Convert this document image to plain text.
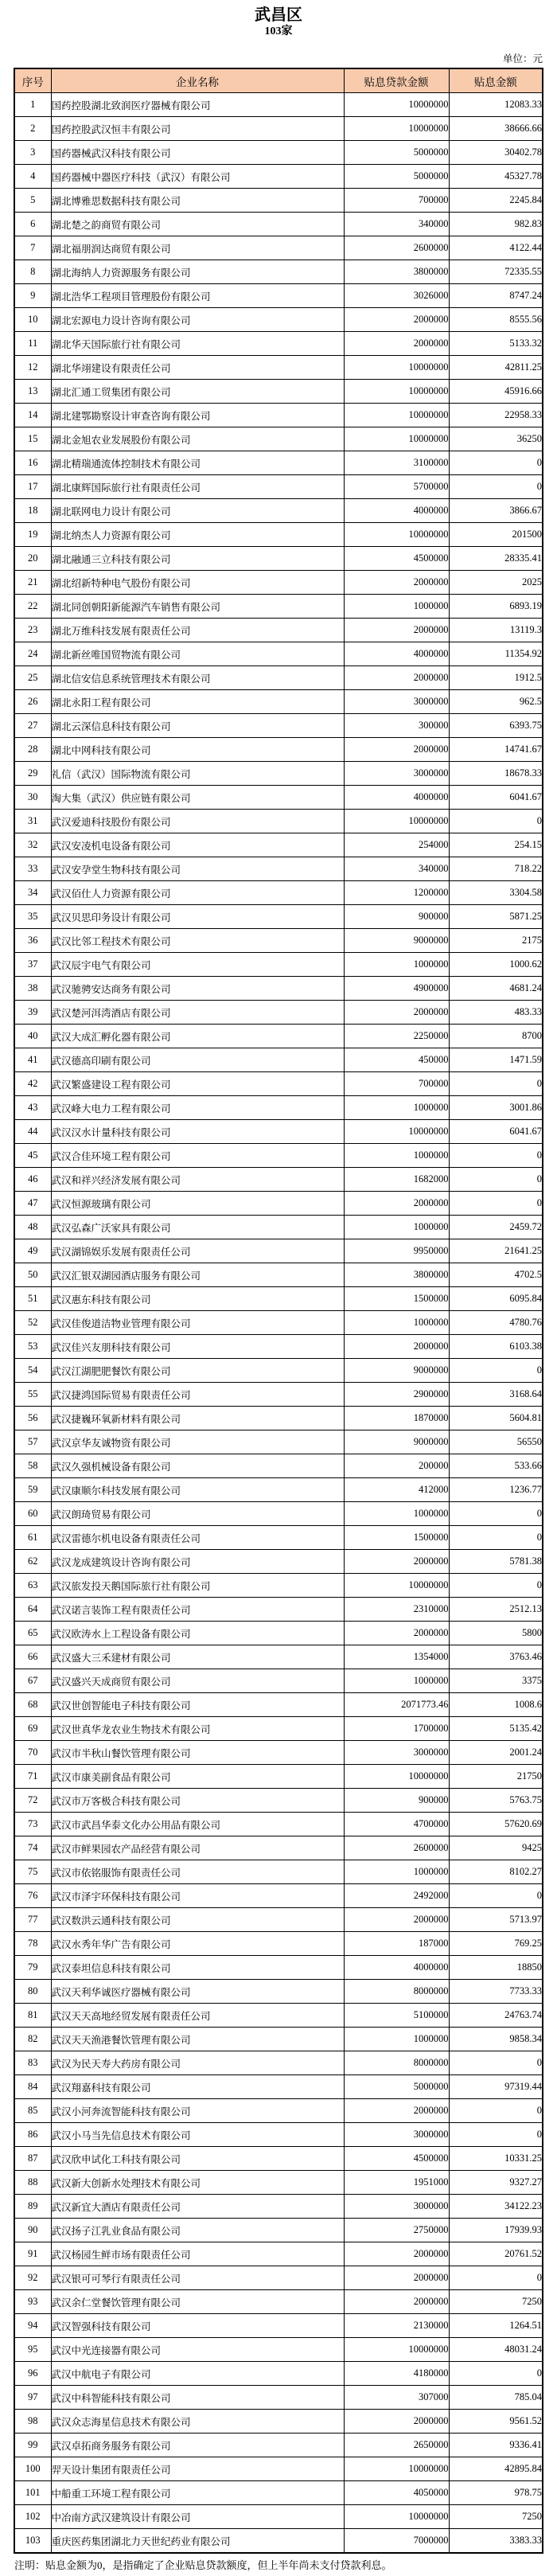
武昌区
103家
单位：元
序号	企业名称	贴息贷款金额	贴息金额
1	国药控股湖北致润医疗器械有限公司	10000000	12083.33
2	国药控股武汉恒丰有限公司	10000000	38666.66
3	国药器械武汉科技有限公司	5000000	30402.78
4	国药器械中器医疗科技（武汉）有限公司	5000000	45327.78
5	湖北博雅思数据科技有限公司	700000	2245.84
6	湖北楚之韵商贸有限公司	340000	982.83
7	湖北福朋润达商贸有限公司	2600000	4122.44
8	湖北海纳人力资源服务有限公司	3800000	72335.55
9	湖北浩华工程项目管理股份有限公司	3026000	8747.24
10	湖北宏源电力设计咨询有限公司	2000000	8555.56
11	湖北华天国际旅行社有限公司	2000000	5133.32
12	湖北华翊建设有限责任公司	10000000	42811.25
13	湖北汇通工贸集团有限公司	10000000	45916.66
14	湖北建鄂勘察设计审查咨询有限公司	10000000	22958.33
15	湖北金旭农业发展股份有限公司	10000000	36250
16	湖北精瑞通流体控制技术有限公司	3100000	0
17	湖北康辉国际旅行社有限责任公司	5700000	0
18	湖北联网电力设计有限公司	4000000	3866.67
19	湖北纳杰人力资源有限公司	10000000	201500
20	湖北融通三立科技有限公司	4500000	28335.41
21	湖北绍新特种电气股份有限公司	2000000	2025
22	湖北同创朝阳新能源汽车销售有限公司	1000000	6893.19
23	湖北万维科技发展有限责任公司	2000000	13119.3
24	湖北新丝唯国贸物流有限公司	4000000	11354.92
25	湖北信安信息系统管理技术有限公司	2000000	1912.5
26	湖北永阳工程有限公司	3000000	962.5
27	湖北云深信息科技有限公司	300000	6393.75
28	湖北中网科技有限公司	2000000	14741.67
29	礼信（武汉）国际物流有限公司	3000000	18678.33
30	淘大集（武汉）供应链有限公司	4000000	6041.67
31	武汉爱迪科技股份有限公司	10000000	0
32	武汉安凌机电设备有限公司	254000	254.15
33	武汉安孕堂生物科技有限公司	340000	718.22
34	武汉佰仕人力资源有限公司	1200000	3304.58
35	武汉贝思印务设计有限公司	900000	5871.25
36	武汉比邻工程技术有限公司	9000000	2175
37	武汉辰宇电气有限公司	1000000	1000.62
38	武汉驰骋安达商务有限公司	4900000	4681.24
39	武汉楚河洱湾酒店有限公司	2000000	483.33
40	武汉大成汇孵化器有限公司	2250000	8700
41	武汉德高印刷有限公司	450000	1471.59
42	武汉繁盛建设工程有限公司	700000	0
43	武汉峰大电力工程有限公司	1000000	3001.86
44	武汉汉水计量科技有限公司	10000000	6041.67
45	武汉合佳环境工程有限公司	1000000	0
46	武汉和祥兴经济发展有限公司	1682000	0
47	武汉恒源玻璃有限公司	2000000	0
48	武汉弘森广沃家具有限公司	1000000	2459.72
49	武汉湖锦娱乐发展有限责任公司	9950000	21641.25
50	武汉汇银双湖园酒店服务有限公司	3800000	4702.5
51	武汉惠东科技有限公司	1500000	6095.84
52	武汉佳俊道洁物业管理有限公司	1000000	4780.76
53	武汉佳兴友朋科技有限公司	2000000	6103.38
54	武汉江湖肥肥餐饮有限公司	9000000	0
55	武汉捷鸿国际贸易有限责任公司	2900000	3168.64
56	武汉捷巍环氧新材料有限公司	1870000	5604.81
57	武汉京华友诚物资有限公司	9000000	56550
58	武汉久强机械设备有限公司	200000	533.66
59	武汉康顺尔科技发展有限公司	412000	1236.77
60	武汉朗琦贸易有限公司	1000000	0
61	武汉雷德尔机电设备有限责任公司	1500000	0
62	武汉龙成建筑设计咨询有限公司	2000000	5781.38
63	武汉旅发投天鹅国际旅行社有限公司	10000000	0
64	武汉诺言装饰工程有限责任公司	2310000	2512.13
65	武汉欧涛水上工程设备有限公司	2000000	5800
66	武汉盛大三禾建材有限公司	1354000	3763.46
67	武汉盛兴天成商贸有限公司	1000000	3375
68	武汉世创智能电子科技有限公司	2071773.46	1008.6
69	武汉世真华龙农业生物技术有限公司	1700000	5135.42
70	武汉市半秋山餐饮管理有限公司	3000000	2001.24
71	武汉市康美副食品有限公司	10000000	21750
72	武汉市万客极合科技有限公司	900000	5763.75
73	武汉市武昌华泰文化办公用品有限公司	4700000	57620.69
74	武汉市鲜果园农产品经营有限公司	2600000	9425
75	武汉市依铭服饰有限责任公司	1000000	8102.27
76	武汉市泽宇环保科技有限公司	2492000	0
77	武汉数洪云通科技有限公司	2000000	5713.97
78	武汉水秀年华广告有限公司	187000	769.25
79	武汉泰坦信息科技有限公司	4000000	18850
80	武汉天利华诚医疗器械有限公司	8000000	7733.33
81	武汉天天高地经贸发展有限责任公司	5100000	24763.74
82	武汉天天渔港餐饮管理有限公司	1000000	9858.34
83	武汉为民天寿大药房有限公司	8000000	0
84	武汉翔嘉科技有限公司	5000000	97319.44
85	武汉小河奔流智能科技有限公司	2000000	0
86	武汉小马当先信息技术有限公司	3000000	0
87	武汉欣申试化工科技有限公司	4500000	10331.25
88	武汉新大创新水处理技术有限公司	1951000	9327.27
89	武汉新宜大酒店有限责任公司	3000000	34122.23
90	武汉扬子江乳业食品有限公司	2750000	17939.93
91	武汉杨园生鲜市场有限责任公司	2000000	20761.52
92	武汉银可可琴行有限责任公司	2000000	0
93	武汉余仁堂餐饮管理有限公司	2000000	7250
94	武汉智强科技有限公司	2130000	1264.51
95	武汉中光连接器有限公司	10000000	48031.24
96	武汉中航电子有限公司	4180000	0
97	武汉中科智能科技有限公司	307000	785.04
98	武汉众志海星信息技术有限公司	2000000	9561.52
99	武汉卓拓商务服务有限公司	2650000	9336.41
100	羿天设计集团有限责任公司	10000000	42895.84
101	中船重工环境工程有限公司	4050000	978.75
102	中冶南方武汉建筑设计有限公司	10000000	7250
103	重庆医药集团湖北力天世纪药业有限公司	7000000	3383.33
注明：贴息金额为0，是指确定了企业贴息贷款额度，但上半年尚未支付贷款利息。
